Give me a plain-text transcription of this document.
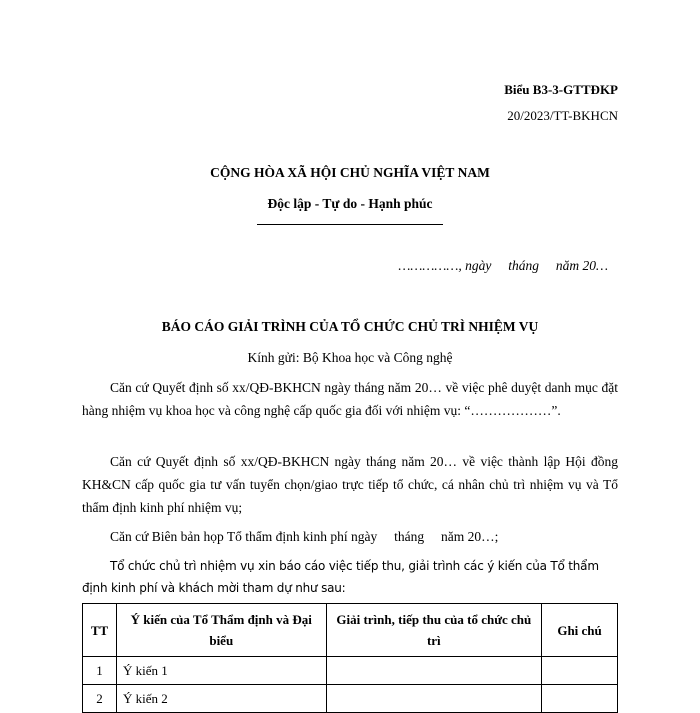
Biểu B3-3-GTTĐKP
20/2023/TT-BKHCN
CỘNG HÒA XÃ HỘI CHỦ NGHĨA VIỆT NAM
Độc lập - Tự do - Hạnh phúc
……………, ngày     tháng     năm 20…
BÁO CÁO GIẢI TRÌNH CỦA TỔ CHỨC CHỦ TRÌ NHIỆM VỤ
Kính gửi: Bộ Khoa học và Công nghệ
Căn cứ Quyết định số xx/QĐ-BKHCN ngày tháng năm 20… về việc phê duyệt danh mục đặt hàng nhiệm vụ khoa học và công nghệ cấp quốc gia đối với nhiệm vụ: “………………”.
Căn cứ Quyết định số xx/QĐ-BKHCN ngày tháng năm 20… về việc thành lập Hội đồng KH&CN cấp quốc gia tư vấn tuyển chọn/giao trực tiếp tổ chức, cá nhân chủ trì nhiệm vụ và Tổ thẩm định kinh phí nhiệm vụ;
Căn cứ Biên bản họp Tổ thẩm định kinh phí ngày     tháng     năm 20…;
Tổ chức chủ trì nhiệm vụ xin báo cáo việc tiếp thu, giải trình các ý kiến của Tổ thẩm định kinh phí và khách mời tham dự như sau:
TT	Ý kiến của Tổ Thẩm định và Đại biểu	Giải trình, tiếp thu của tổ chức chủ trì	Ghi chú
1	Ý kiến 1		
2	Ý kiến 2		
